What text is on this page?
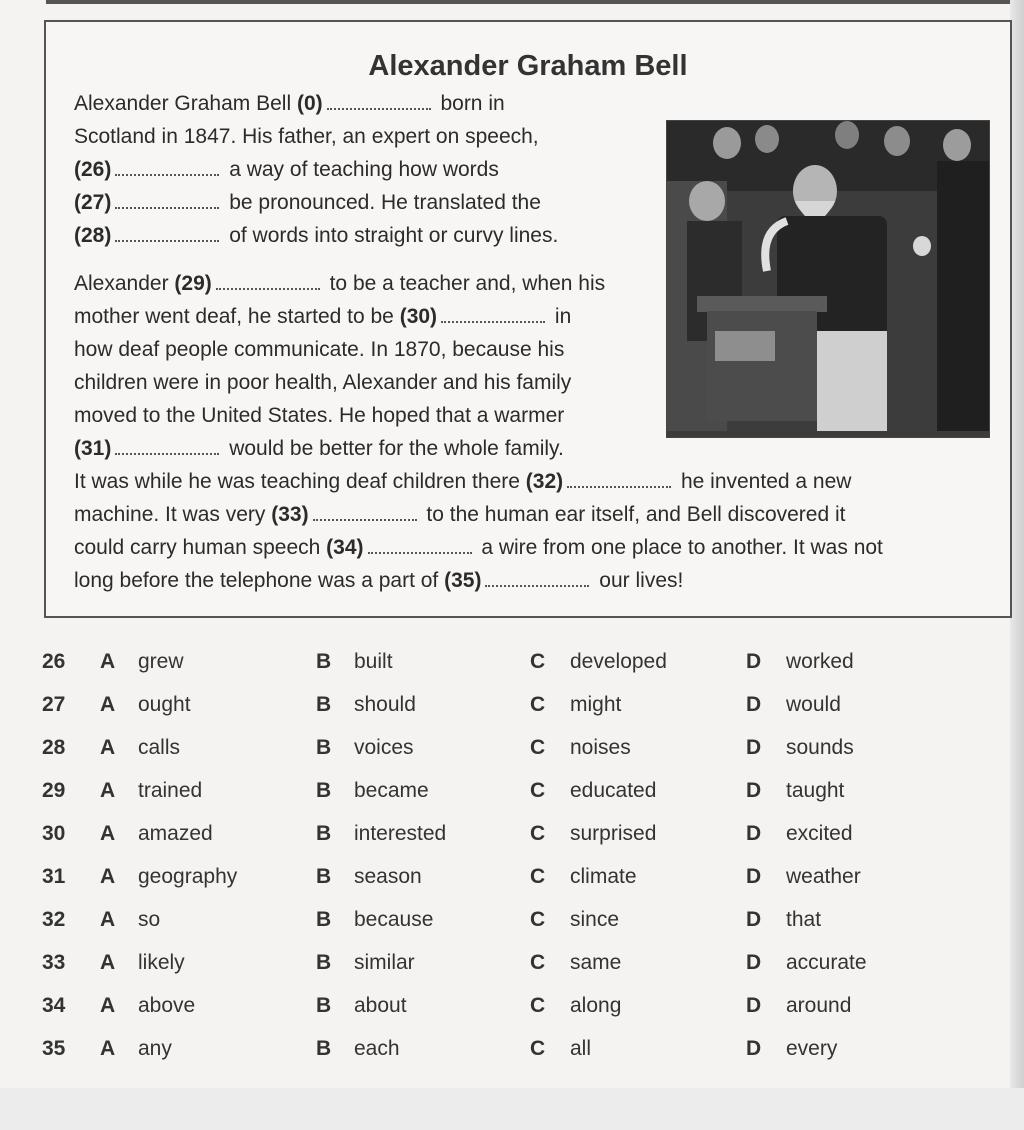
Alexander Graham Bell
Alexander Graham Bell (0)	born in
Scotland in 1847. His father, an expert on speech,
(26)	a way of teaching how words
(27)	be pronounced. He translated the
(28)	of words into straight or curvy lines.
Alexander (29)	to be a teacher and, when his
mother went deaf, he started to be (30)	in
how deaf people communicate. In 1870, because his
children were in poor health, Alexander and his family
moved to the United States. He hoped that a warmer
(31)	would be better for the whole family.
It was while he was teaching deaf children there (32)	he invented a new
machine. It was very (33)	to the human ear itself, and Bell discovered it
could carry human speech (34)	a wire from one place to another. It was not
long before the telephone was a part of (35)	our lives!
26 A grew	B built	C developed	D worked
27 A ought	B should	C might	D would
28 A calls	B voices	C noises	D sounds
29 A trained	B became	C educated	D taught
30 A amazed	B interested	C surprised	D excited
31 A geography	B season	C climate	D weather
32 A so	B because	C since	D that
33 A likely	B similar	C same	D accurate
34 A above	B about	C along	D around
35 A any	B each	C all	D every
